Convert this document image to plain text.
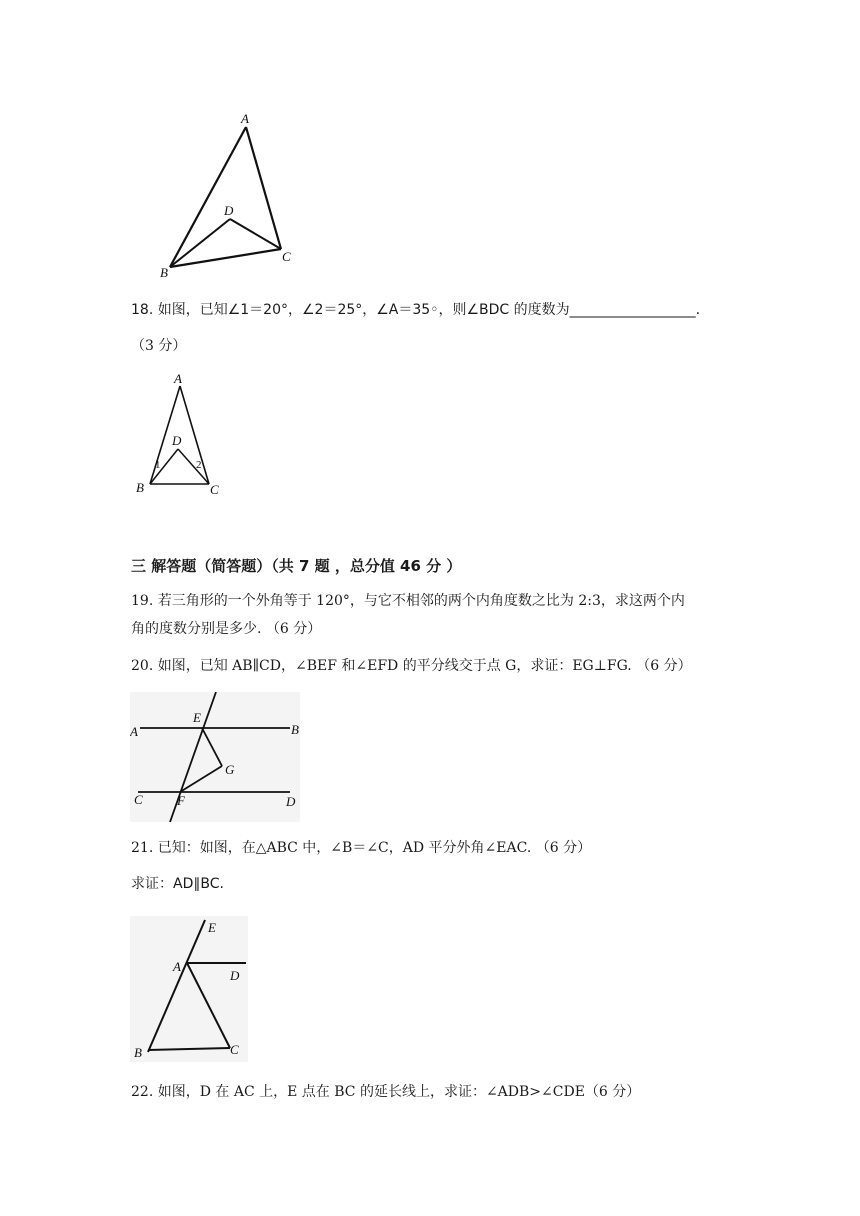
A
D
B
C
18. 如图，已知∠1＝20°，∠2＝25°，∠A＝35◦，则∠BDC 的度数为__________________.
（3 分）
A
D
B	C
1	2
三 解答题（简答题）（共 7 题 ，总分值 46 分 ）
19. 若三角形的一个外角等于 120°，与它不相邻的两个内角度数之比为 2:3，求这两个内
角的度数分别是多少. （6 分）
20. 如图，已知 AB∥CD，∠BEF 和∠EFD 的平分线交于点 G，求证：EG⊥FG. （6 分）
E
A	B
G
C	F	D
21. 已知：如图，在△ABC 中，∠B＝∠C，AD 平分外角∠EAC. （6 分）
求证：AD∥BC.
E
A
D
B	C
22. 如图，D 在 AC 上，E 点在 BC 的延长线上，求证：∠ADB>∠CDE（6 分）
